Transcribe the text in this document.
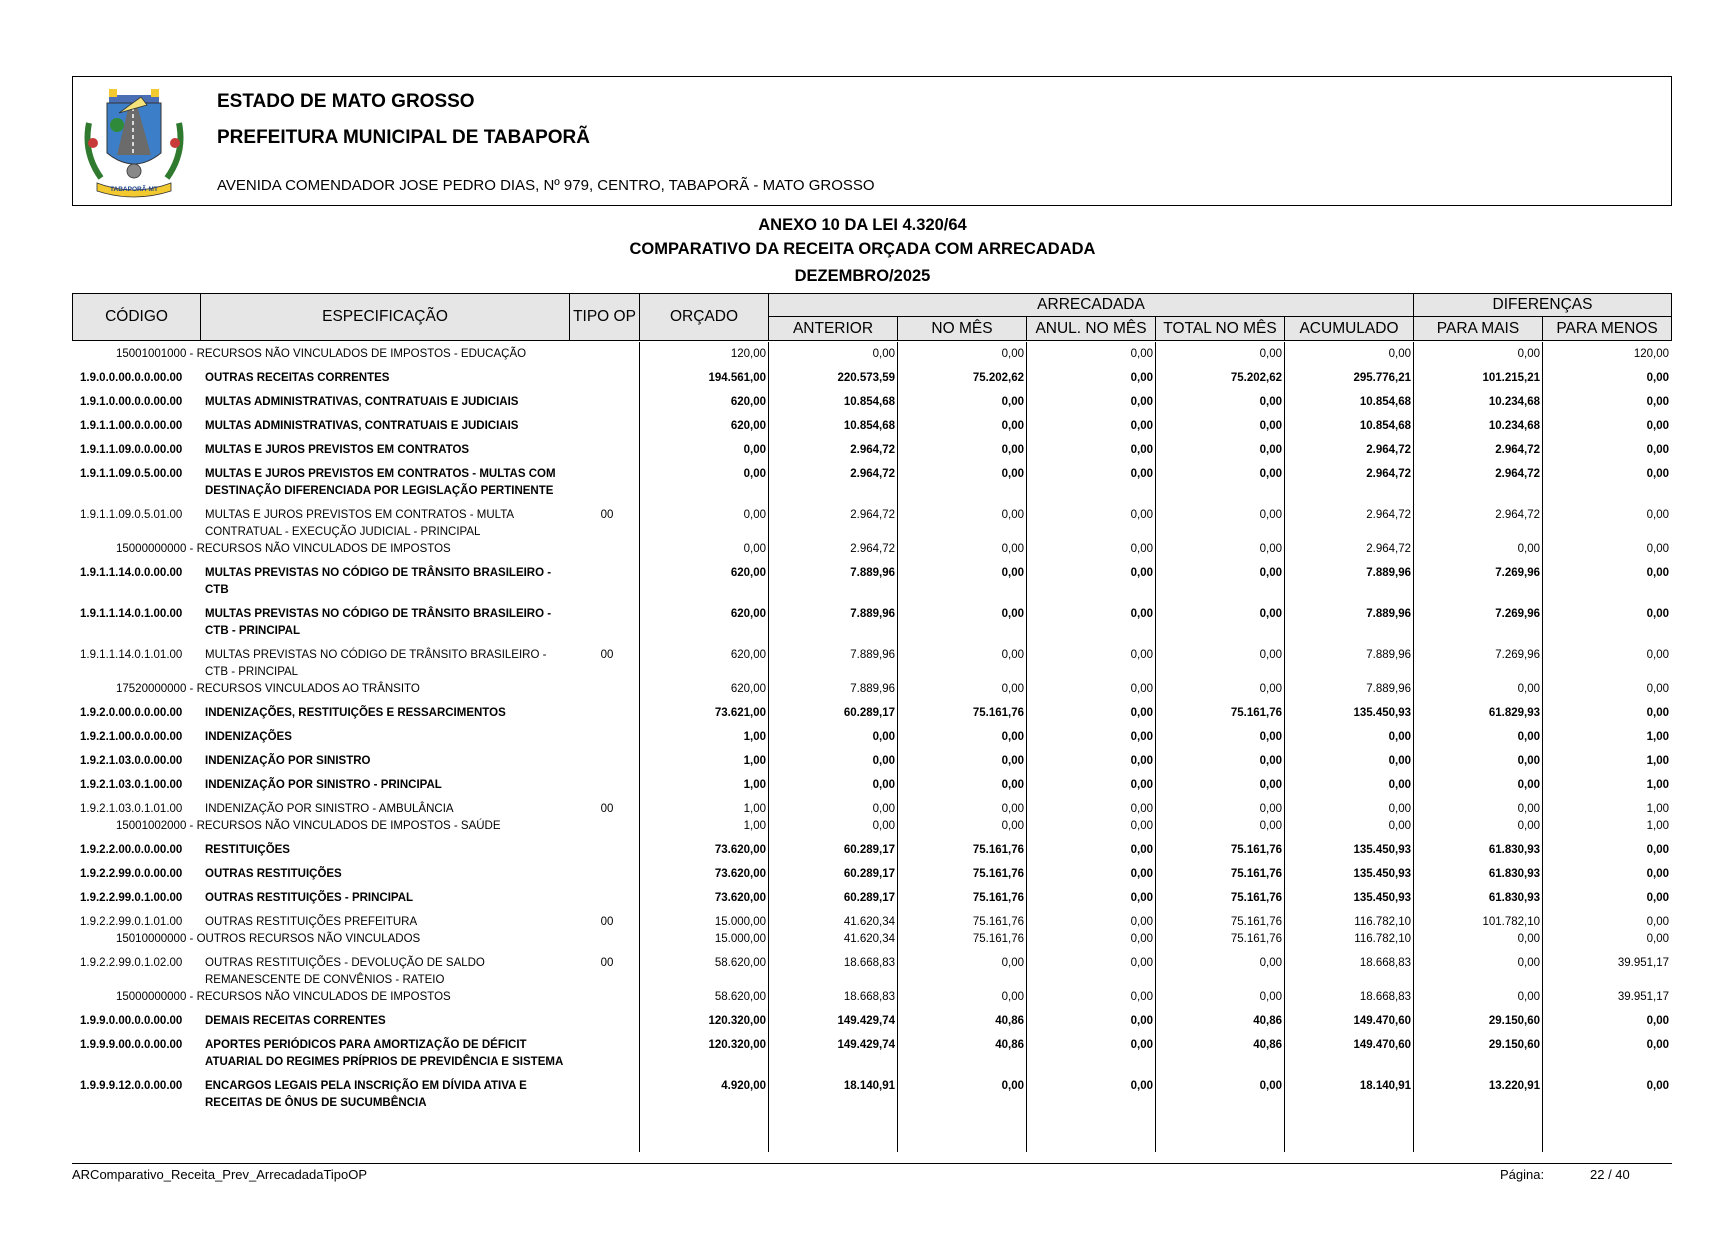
TABAPORÃ-MT
ESTADO DE MATO GROSSO
PREFEITURA MUNICIPAL DE TABAPORÃ
AVENIDA COMENDADOR JOSE PEDRO DIAS, Nº 979, CENTRO, TABAPORÃ - MATO GROSSO
ANEXO 10 DA LEI 4.320/64
COMPARATIVO DA RECEITA ORÇADA COM ARRECADADA
DEZEMBRO/2025
CÓDIGO	ESPECIFICAÇÃO	TIPO OP	ORÇADO
ARRECADADA
ANTERIOR	NO MÊS	ANUL. NO MÊS	TOTAL NO MÊS	ACUMULADO
DIFERENÇAS
PARA MAIS	PARA MENOS
15001001000 - RECURSOS NÃO VINCULADOS DE IMPOSTOS - EDUCAÇÃO	120,00	0,00	0,00	0,00	0,00	0,00	0,00	120,00
1.9.0.0.00.0.0.00.00 OUTRAS RECEITAS CORRENTES	194.561,00	220.573,59	75.202,62	0,00	75.202,62	295.776,21	101.215,21	0,00
1.9.1.0.00.0.0.00.00 MULTAS ADMINISTRATIVAS, CONTRATUAIS E JUDICIAIS	620,00	10.854,68	0,00	0,00	0,00	10.854,68	10.234,68	0,00
1.9.1.1.00.0.0.00.00 MULTAS ADMINISTRATIVAS, CONTRATUAIS E JUDICIAIS	620,00	10.854,68	0,00	0,00	0,00	10.854,68	10.234,68	0,00
1.9.1.1.09.0.0.00.00 MULTAS E JUROS PREVISTOS EM CONTRATOS	0,00	2.964,72	0,00	0,00	0,00	2.964,72	2.964,72	0,00
1.9.1.1.09.0.5.00.00 MULTAS E JUROS PREVISTOS EM CONTRATOS - MULTAS COM DESTINAÇÃO DIFERENCIADA POR LEGISLAÇÃO PERTINENTE
0,00	2.964,72	0,00	0,00	0,00	2.964,72	2.964,72	0,00
1.9.1.1.09.0.5.01.00 MULTAS E JUROS PREVISTOS EM CONTRATOS - MULTA CONTRATUAL - EXECUÇÃO JUDICIAL - PRINCIPAL
00	0,00	2.964,72	0,00	0,00	0,00	2.964,72	2.964,72	0,00
15000000000 - RECURSOS NÃO VINCULADOS DE IMPOSTOS	0,00	2.964,72	0,00	0,00	0,00	2.964,72	0,00	0,00
1.9.1.1.14.0.0.00.00 MULTAS PREVISTAS NO CÓDIGO DE TRÂNSITO BRASILEIRO - CTB
620,00	7.889,96	0,00	0,00	0,00	7.889,96	7.269,96	0,00
1.9.1.1.14.0.1.00.00 MULTAS PREVISTAS NO CÓDIGO DE TRÂNSITO BRASILEIRO - CTB - PRINCIPAL
620,00	7.889,96	0,00	0,00	0,00	7.889,96	7.269,96	0,00
1.9.1.1.14.0.1.01.00 MULTAS PREVISTAS NO CÓDIGO DE TRÂNSITO BRASILEIRO - CTB - PRINCIPAL
00	620,00	7.889,96	0,00	0,00	0,00	7.889,96	7.269,96	0,00
17520000000 - RECURSOS VINCULADOS AO TRÂNSITO	620,00	7.889,96	0,00	0,00	0,00	7.889,96	0,00	0,00
1.9.2.0.00.0.0.00.00 INDENIZAÇÕES, RESTITUIÇÕES E RESSARCIMENTOS	73.621,00	60.289,17	75.161,76	0,00	75.161,76	135.450,93	61.829,93	0,00
1.9.2.1.00.0.0.00.00 INDENIZAÇÕES	1,00	0,00	0,00	0,00	0,00	0,00	0,00	1,00
1.9.2.1.03.0.0.00.00 INDENIZAÇÃO POR SINISTRO	1,00	0,00	0,00	0,00	0,00	0,00	0,00	1,00
1.9.2.1.03.0.1.00.00 INDENIZAÇÃO POR SINISTRO - PRINCIPAL	1,00	0,00	0,00	0,00	0,00	0,00	0,00	1,00
1.9.2.1.03.0.1.01.00 INDENIZAÇÃO POR SINISTRO - AMBULÂNCIA	00	1,00	0,00	0,00	0,00	0,00	0,00	0,00	1,00
15001002000 - RECURSOS NÃO VINCULADOS DE IMPOSTOS - SAÚDE	1,00	0,00	0,00	0,00	0,00	0,00	0,00	1,00
1.9.2.2.00.0.0.00.00 RESTITUIÇÕES	73.620,00	60.289,17	75.161,76	0,00	75.161,76	135.450,93	61.830,93	0,00
1.9.2.2.99.0.0.00.00 OUTRAS RESTITUIÇÕES	73.620,00	60.289,17	75.161,76	0,00	75.161,76	135.450,93	61.830,93	0,00
1.9.2.2.99.0.1.00.00 OUTRAS RESTITUIÇÕES - PRINCIPAL	73.620,00	60.289,17	75.161,76	0,00	75.161,76	135.450,93	61.830,93	0,00
1.9.2.2.99.0.1.01.00 OUTRAS RESTITUIÇÕES PREFEITURA	00	15.000,00	41.620,34	75.161,76	0,00	75.161,76	116.782,10	101.782,10	0,00
15010000000 - OUTROS RECURSOS NÃO VINCULADOS	15.000,00	41.620,34	75.161,76	0,00	75.161,76	116.782,10	0,00	0,00
1.9.2.2.99.0.1.02.00 OUTRAS RESTITUIÇÕES - DEVOLUÇÃO DE SALDO REMANESCENTE DE CONVÊNIOS - RATEIO
00	58.620,00	18.668,83	0,00	0,00	0,00	18.668,83	0,00	39.951,17
15000000000 - RECURSOS NÃO VINCULADOS DE IMPOSTOS	58.620,00	18.668,83	0,00	0,00	0,00	18.668,83	0,00	39.951,17
1.9.9.0.00.0.0.00.00 DEMAIS RECEITAS CORRENTES	120.320,00	149.429,74	40,86	0,00	40,86	149.470,60	29.150,60	0,00
1.9.9.9.00.0.0.00.00 APORTES PERIÓDICOS PARA AMORTIZAÇÃO DE DÉFICIT ATUARIAL DO REGIMES PRÍPRIOS DE PREVIDÊNCIA E SISTEMA
120.320,00	149.429,74	40,86	0,00	40,86	149.470,60	29.150,60	0,00
1.9.9.9.12.0.0.00.00 ENCARGOS LEGAIS PELA INSCRIÇÃO EM DÍVIDA ATIVA E RECEITAS DE ÔNUS DE SUCUMBÊNCIA
4.920,00	18.140,91	0,00	0,00	0,00	18.140,91	13.220,91	0,00
ARComparativo_Receita_Prev_ArrecadadaTipoOP	Página:	22 / 40
